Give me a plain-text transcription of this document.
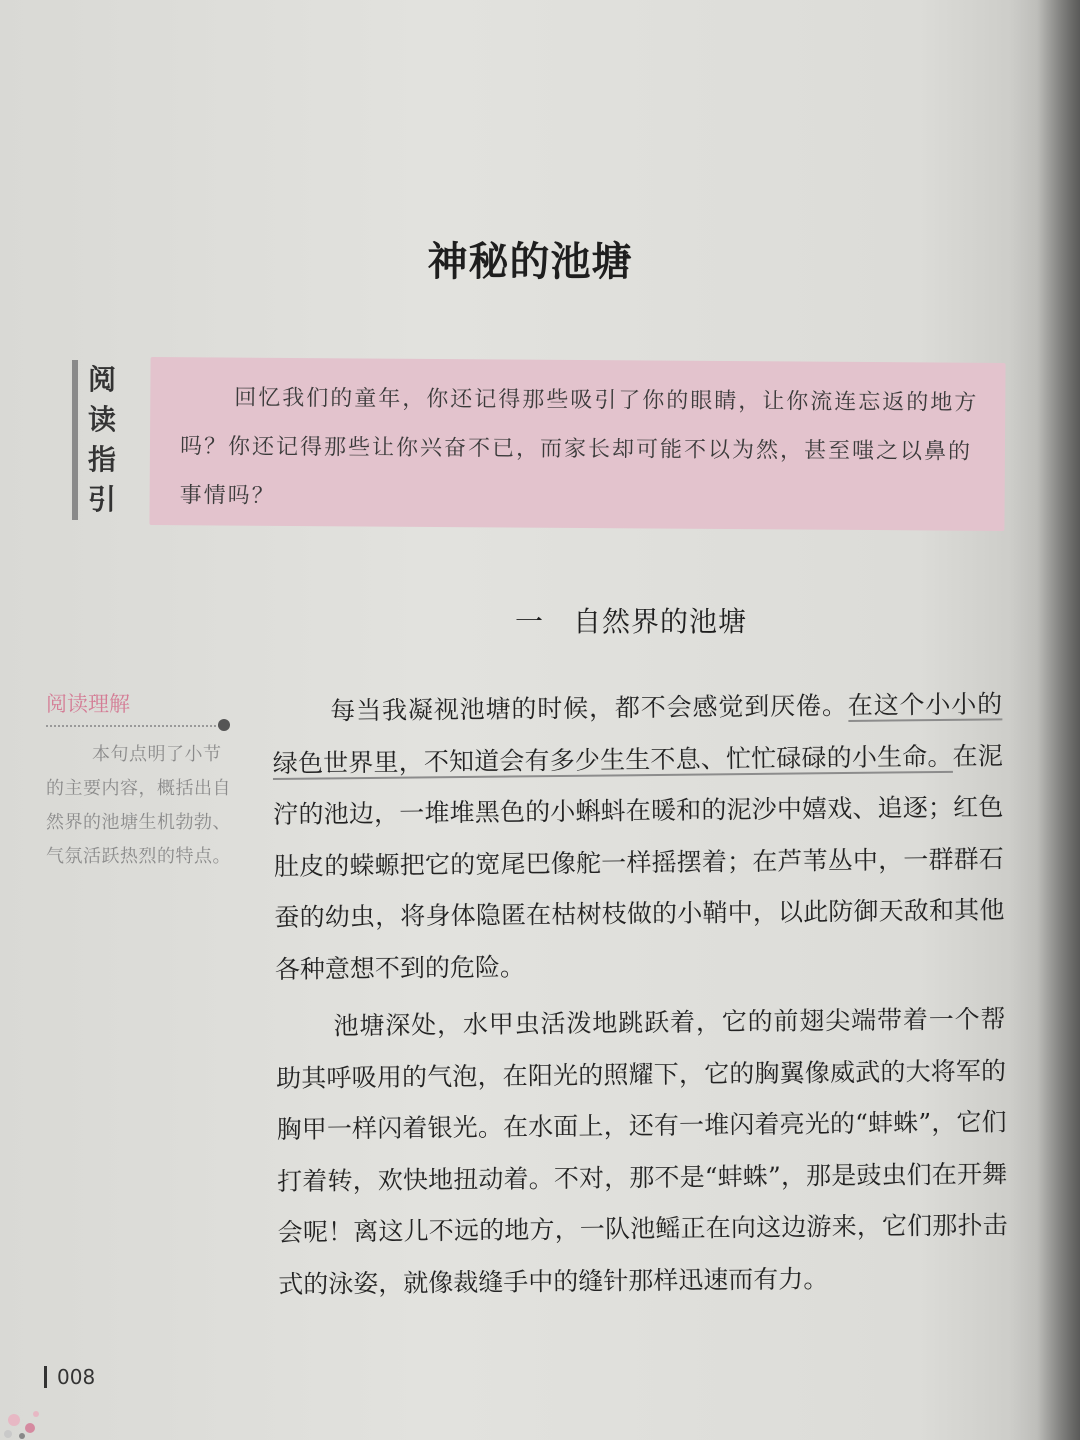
神秘的池塘
阅
读
指
引
回忆我们的童年，你还记得那些吸引了你的眼睛，让你流连忘返的地方吗？你还记得那些让你兴奋不已，而家长却可能不以为然，甚至嗤之以鼻的事情吗？
一　自然界的池塘
阅读理解
本句点明了小节的主要内容，概括出自然界的池塘生机勃勃、气氛活跃热烈的特点。

每当我凝视池塘的时候，都不会感觉到厌倦。在这个小小的绿色世界里，不知道会有多少生生不息、忙忙碌碌的小生命。在泥泞的池边，一堆堆黑色的小蝌蚪在暖和的泥沙中嬉戏、追逐；红色肚皮的蝾螈把它的宽尾巴像舵一样摇摆着；在芦苇丛中，一群群石蚕的幼虫，将身体隐匿在枯树枝做的小鞘中，以此防御天敌和其他各种意想不到的危险。

池塘深处，水甲虫活泼地跳跃着，它的前翅尖端带着一个帮助其呼吸用的气泡，在阳光的照耀下，它的胸翼像威武的大将军的胸甲一样闪着银光。在水面上，还有一堆闪着亮光的“蚌蛛”，它们打着转，欢快地扭动着。不对，那不是“蚌蛛”，那是豉虫们在开舞会呢！离这儿不远的地方，一队池鳐正在向这边游来，它们那扑击式的泳姿，就像裁缝手中的缝针那样迅速而有力。

008
